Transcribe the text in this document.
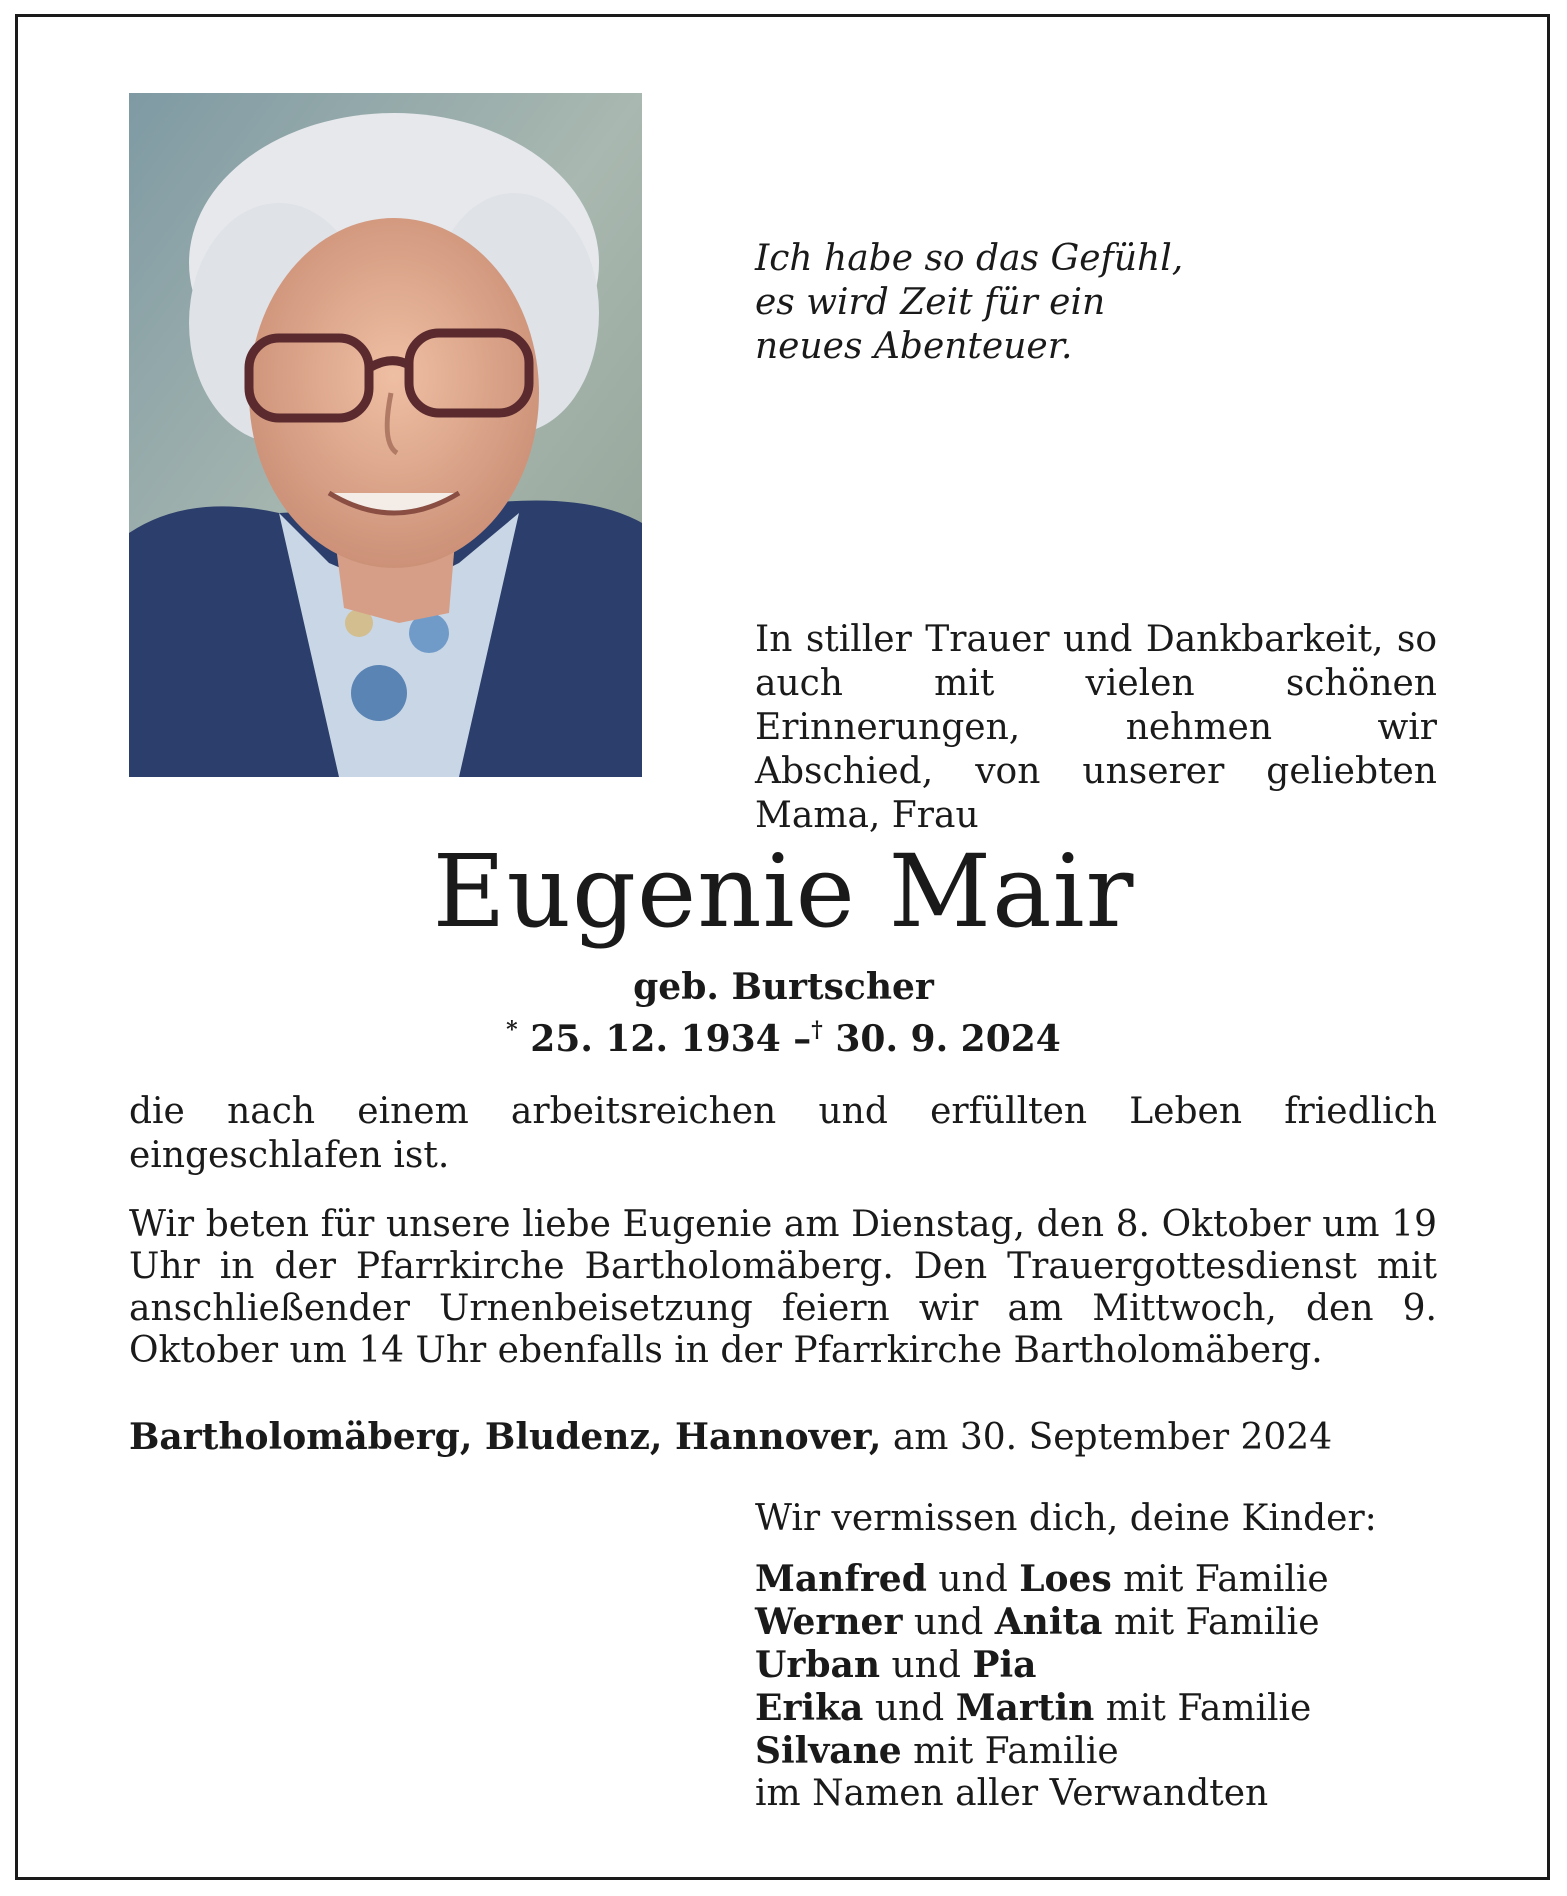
Ich habe so das Gefühl,
es wird Zeit für ein
neues Abenteuer.
In stiller Trauer und Dankbarkeit, so auch mit vielen schönen Erinnerungen, nehmen wir Abschied, von unserer geliebten Mama, Frau
Eugenie Mair
geb. Burtscher
* 25. 12. 1934 –† 30. 9. 2024
die nach einem arbeitsreichen und erfüllten Leben friedlich eingeschlafen ist.
Wir beten für unsere liebe Eugenie am Dienstag, den 8. Oktober um 19 Uhr in der Pfarrkirche Bartholomäberg. Den Trauergottesdienst mit anschließender Urnenbeisetzung feiern wir am Mittwoch, den 9. Oktober um 14 Uhr ebenfalls in der Pfarrkirche Bartholomäberg.
Bartholomäberg, Bludenz, Hannover, am 30. September 2024
Wir vermissen dich, deine Kinder:
Manfred und Loes mit Familie
Werner und Anita mit Familie
Urban und Pia
Erika und Martin mit Familie
Silvane mit Familie
im Namen aller Verwandten
